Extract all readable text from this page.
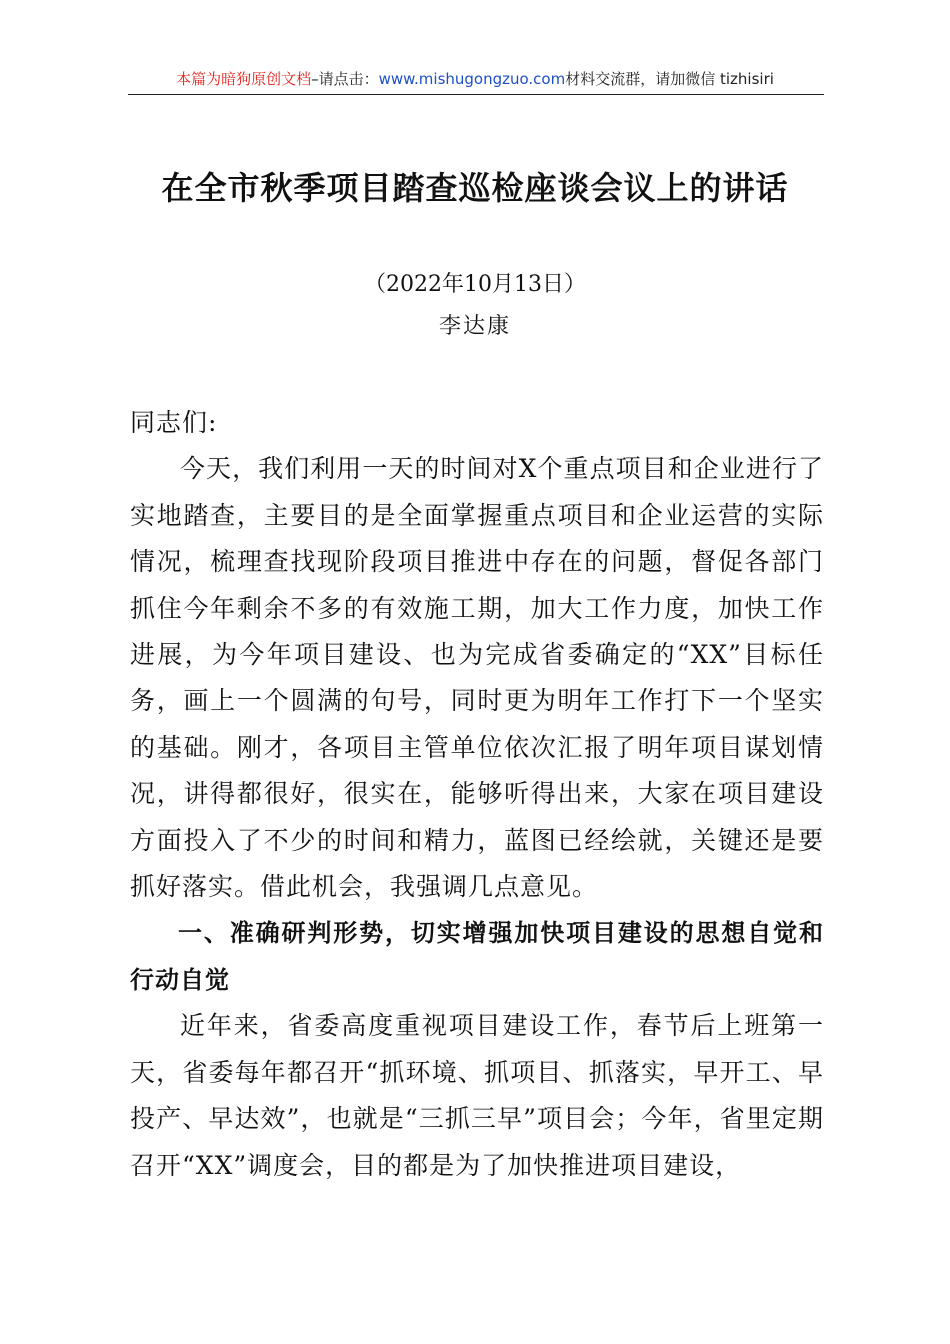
本篇为暗狗原创文档–请点击：www.mishugongzuo.com材料交流群，请加微信 tizhisiri
在全市秋季项目踏查巡检座谈会议上的讲话
（2022年10月13日）
李达康

同志们:

今天，我们利用一天的时间对X个重点项目和企业进行了实地踏查，主要目的是全面掌握重点项目和企业运营的实际情况，梳理查找现阶段项目推进中存在的问题，督促各部门抓住今年剩余不多的有效施工期，加大工作力度，加快工作进展，为今年项目建设、也为完成省委确定的“XX”目标任务，画上一个圆满的句号，同时更为明年工作打下一个坚实的基础。刚才，各项目主管单位依次汇报了明年项目谋划情况，讲得都很好，很实在，能够听得出来，大家在项目建设方面投入了不少的时间和精力，蓝图已经绘就，关键还是要抓好落实。借此机会，我强调几点意见。

一、准确研判形势，切实增强加快项目建设的思想自觉和行动自觉

近年来，省委高度重视项目建设工作，春节后上班第一天，省委每年都召开“抓环境、抓项目、抓落实，早开工、早投产、早达效”，也就是“三抓三早”项目会；今年，省里定期召开“XX”调度会，目的都是为了加快推进项目建设，
